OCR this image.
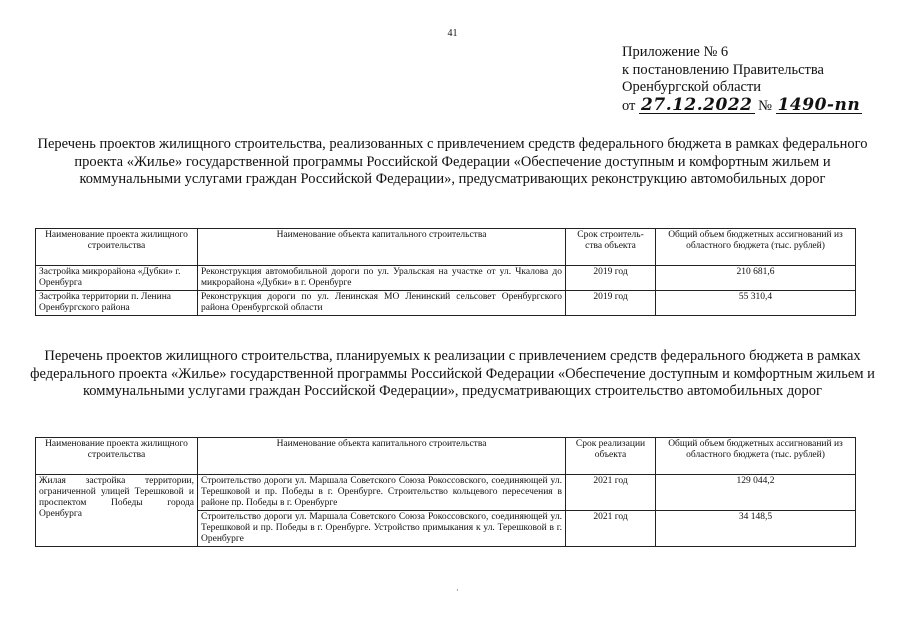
41
Приложение № 6
к постановлению Правительства
Оренбургской области
от 27.12.2022 № 1490-пп
Перечень проектов жилищного строительства, реализованных с привлечением средств федерального бюджета в рамках федерального проекта «Жилье» государственной программы Российской Федерации «Обеспечение доступным и комфортным жильем и коммунальными услугами граждан Российской Федерации», предусматривающих реконструкцию автомобильных дорог
Наименование проекта жилищного строительства	Наименование объекта капитального строительства	Срок строитель-ства объекта	Общий объем бюджетных ассигнований из областного бюджета (тыс. рублей)
Застройка микрорайона «Дубки» г. Оренбурга	Реконструкция автомобильной дороги по ул. Уральская на участке от ул. Чкалова до микрорайона «Дубки» в г. Оренбурге	2019 год	210 681,6
Застройка территории п. Ленина Оренбургского района	Реконструкция дороги по ул. Ленинская МО Ленинский сельсовет Оренбургского района Оренбургской области	2019 год	55 310,4
Перечень проектов жилищного строительства, планируемых к реализации с привлечением средств федерального бюджета в рамках федерального проекта «Жилье» государственной программы Российской Федерации «Обеспечение доступным и комфортным жильем и коммунальными услугами граждан Российской Федерации», предусматривающих строительство автомобильных дорог
Наименование проекта жилищного строительства	Наименование объекта капитального строительства	Срок реализации объекта	Общий объем бюджетных ассигнований из областного бюджета (тыс. рублей)
Жилая застройка территории, ограниченной улицей Терешковой и проспектом Победы города Оренбурга	Строительство дороги ул. Маршала Советского Союза Рокоссовского, соединяющей ул. Терешковой и пр. Победы в г. Оренбурге. Строительство кольцевого пересечения в районе пр. Победы в г. Оренбурге	2021 год	129 044,2
	Строительство дороги ул. Маршала Советского Союза Рокоссовского, соединяющей ул. Терешковой и пр. Победы в г. Оренбурге. Устройство примыкания к ул. Терешковой в г. Оренбурге	2021 год	34 148,5
·
